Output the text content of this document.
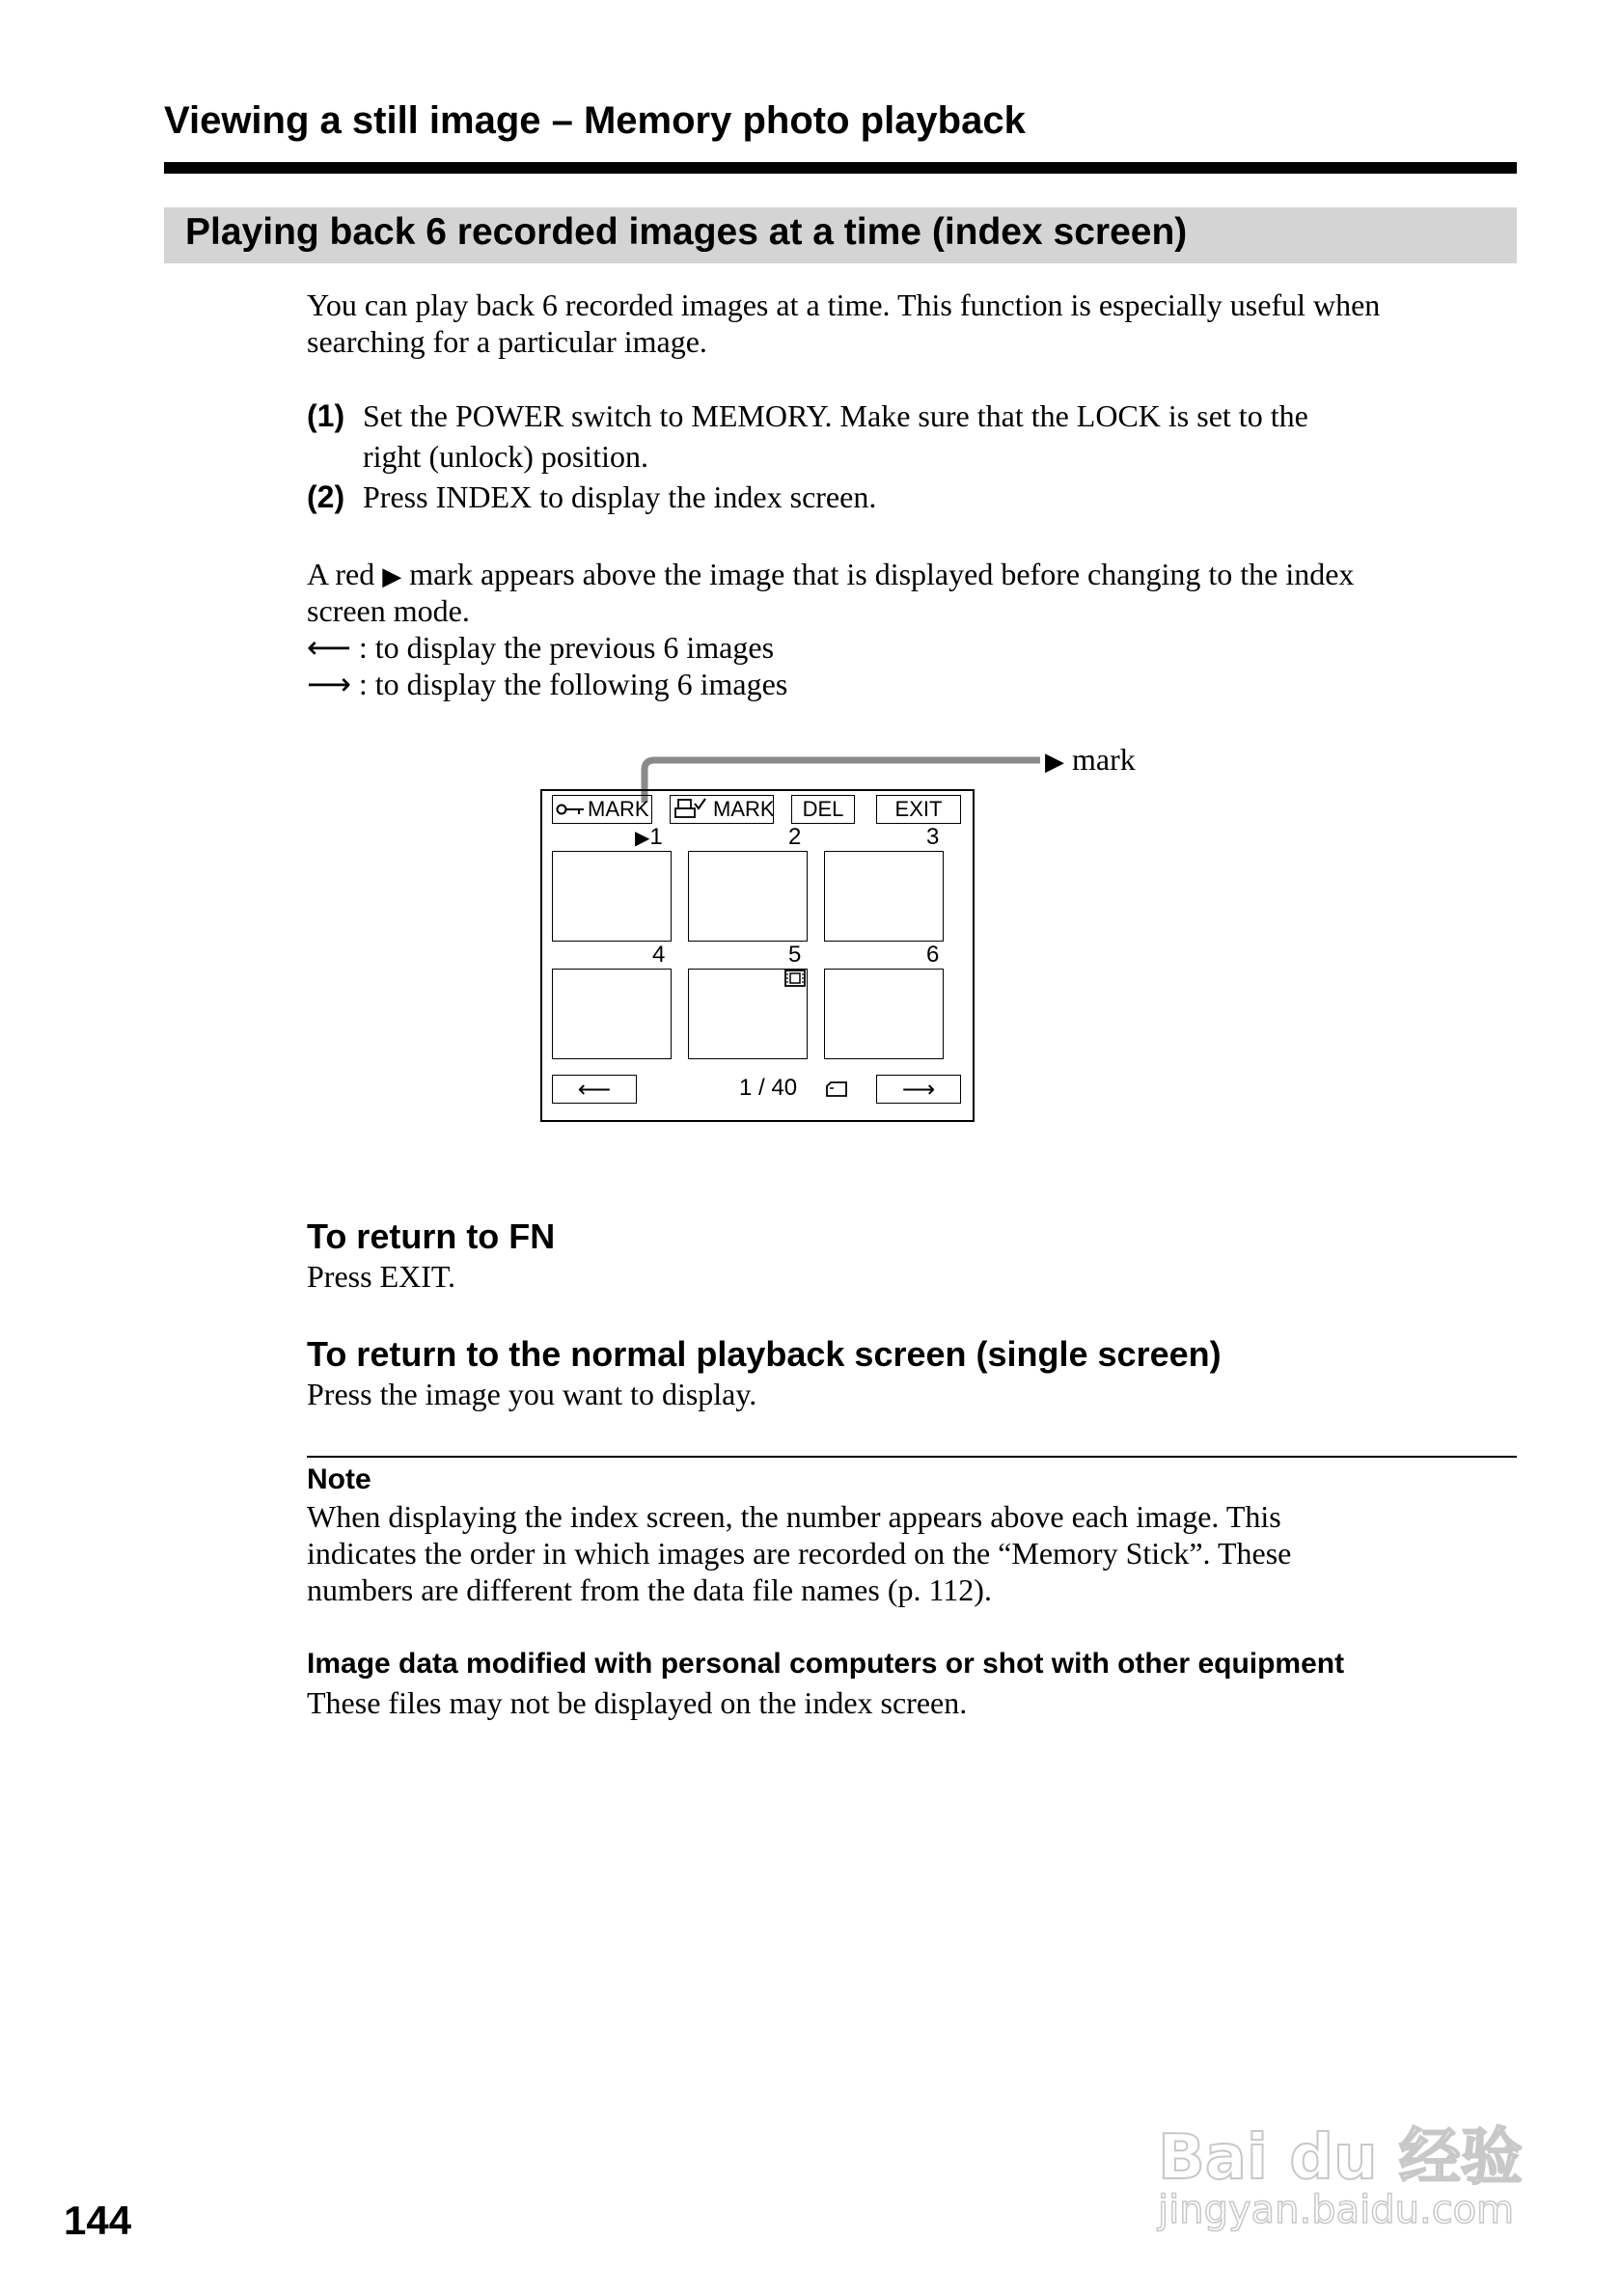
Viewing a still image – Memory photo playback
Playing back 6 recorded images at a time (index screen)
You can play back 6 recorded images at a time. This function is especially useful when
searching for a particular image.
(1) Set the POWER switch to MEMORY. Make sure that the LOCK is set to the
right (unlock) position.
(2) Press INDEX to display the index screen.
A red ▶ mark appears above the image that is displayed before changing to the index
screen mode.
⟵ : to display the previous 6 images
⟶ : to display the following 6 images
▶ mark
MARK	MARK	DEL	EXIT
▶1	2	3
4	5	6
⟵	1 / 40	⟶
To return to FN
Press EXIT.
To return to the normal playback screen (single screen)
Press the image you want to display.
Note
When displaying the index screen, the number appears above each image. This
indicates the order in which images are recorded on the “Memory Stick”. These
numbers are different from the data file names (p. 112).
Image data modified with personal computers or shot with other equipment
These files may not be displayed on the index screen.
144
Bai du 经验
jingyan.baidu.com
